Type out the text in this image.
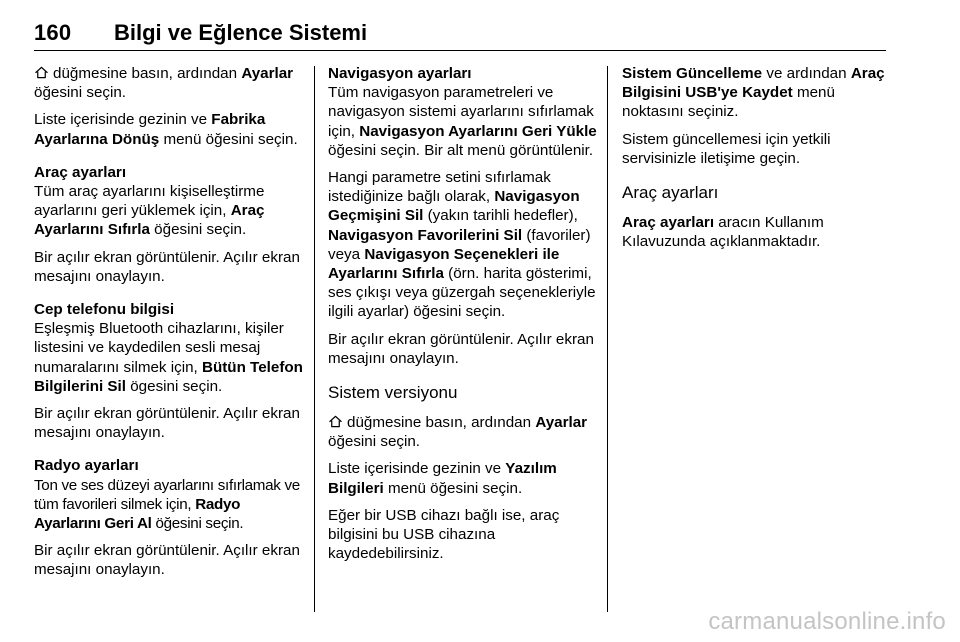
160 Bilgi ve Eğlence Sistemi

düğmesine basın, ardından Ayarlar öğesini seçin.

Liste içerisinde gezinin ve Fabrika Ayarlarına Dönüş menü öğesini seçin.

Araç ayarları

Tüm araç ayarlarını kişiselleştirme ayarlarını geri yüklemek için, Araç Ayarlarını Sıfırla öğesini seçin.

Bir açılır ekran görüntülenir. Açılır ekran mesajını onaylayın.

Cep telefonu bilgisi

Eşleşmiş Bluetooth cihazlarını, kişiler listesini ve kaydedilen sesli mesaj numaralarını silmek için, Bütün Telefon Bilgilerini Sil ögesini seçin.

Bir açılır ekran görüntülenir. Açılır ekran mesajını onaylayın.

Radyo ayarları

Ton ve ses düzeyi ayarlarını sıfırlamak ve tüm favorileri silmek için, Radyo Ayarlarını Geri Al öğesini seçin.

Bir açılır ekran görüntülenir. Açılır ekran mesajını onaylayın.

Navigasyon ayarları

Tüm navigasyon parametreleri ve navigasyon sistemi ayarlarını sıfırlamak için, Navigasyon Ayarlarını Geri Yükle öğesini seçin. Bir alt menü görüntülenir.

Hangi parametre setini sıfırlamak istediğinize bağlı olarak, Navigasyon Geçmişini Sil (yakın tarihli hedefler), Navigasyon Favorilerini Sil (favoriler) veya Navigasyon Seçenekleri ile Ayarlarını Sıfırla (örn. harita gösterimi, ses çıkışı veya güzergah seçenekleriyle ilgili ayarlar) öğesini seçin.

Bir açılır ekran görüntülenir. Açılır ekran mesajını onaylayın.

Sistem versiyonu

düğmesine basın, ardından Ayarlar öğesini seçin.

Liste içerisinde gezinin ve Yazılım Bilgileri menü öğesini seçin.

Eğer bir USB cihazı bağlı ise, araç bilgisini bu USB cihazına kaydedebilirsiniz.

Sistem Güncelleme ve ardından Araç Bilgisini USB'ye Kaydet menü noktasını seçiniz.

Sistem güncellemesi için yetkili servisinizle iletişime geçin.

Araç ayarları

Araç ayarları aracın Kullanım Kılavuzunda açıklanmaktadır.

carmanualsonline.info
